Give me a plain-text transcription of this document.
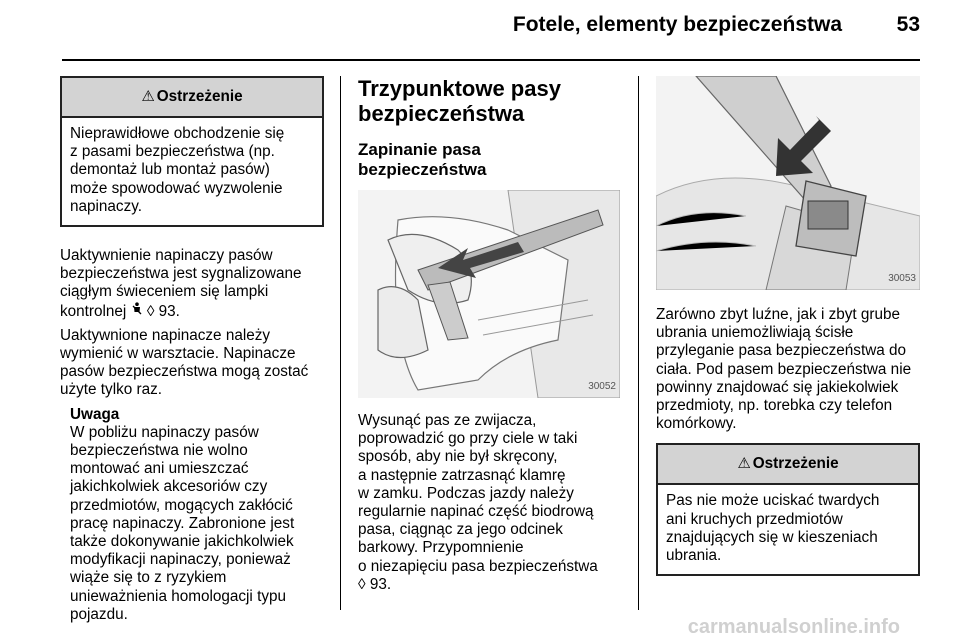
Fotele, elementy bezpieczeństwa	53
⚠ Ostrzeżenie
Nieprawidłowe obchodzenie się
z pasami bezpieczeństwa (np.
demontaż lub montaż pasów)
może spowodować wyzwolenie
napinaczy.

Uaktywnienie napinaczy pasów
bezpieczeństwa jest sygnalizowane
ciągłym świeceniem się lampki
kontrolnej ◊ 93.

Uaktywnione napinacze należy
wymienić w warsztacie. Napinacze
pasów bezpieczeństwa mogą zostać
użyte tylko raz.

Uwaga
W pobliżu napinaczy pasów
bezpieczeństwa nie wolno
montować ani umieszczać
jakichkolwiek akcesoriów czy
przedmiotów, mogących zakłócić
pracę napinaczy. Zabronione jest
także dokonywanie jakichkolwiek
modyfikacji napinaczy, ponieważ
wiąże się to z ryzykiem
unieważnienia homologacji typu
pojazdu.
Trzypunktowe pasy
bezpieczeństwa
Zapinanie pasa
bezpieczeństwa
30052
Wysunąć pas ze zwijacza,
poprowadzić go przy ciele w taki
sposób, aby nie był skręcony,
a następnie zatrzasnąć klamrę
w zamku. Podczas jazdy należy
regularnie napinać część biodrową
pasa, ciągnąc za jego odcinek
barkowy. Przypomnienie
o niezapięciu pasa bezpieczeństwa
◊ 93.
30053
Zarówno zbyt luźne, jak i zbyt grube
ubrania uniemożliwiają ścisłe
przyleganie pasa bezpieczeństwa do
ciała. Pod pasem bezpieczeństwa nie
powinny znajdować się jakiekolwiek
przedmioty, np. torebka czy telefon
komórkowy.
⚠ Ostrzeżenie
Pas nie może uciskać twardych
ani kruchych przedmiotów
znajdujących się w kieszeniach
ubrania.
carmanualsonline.info
